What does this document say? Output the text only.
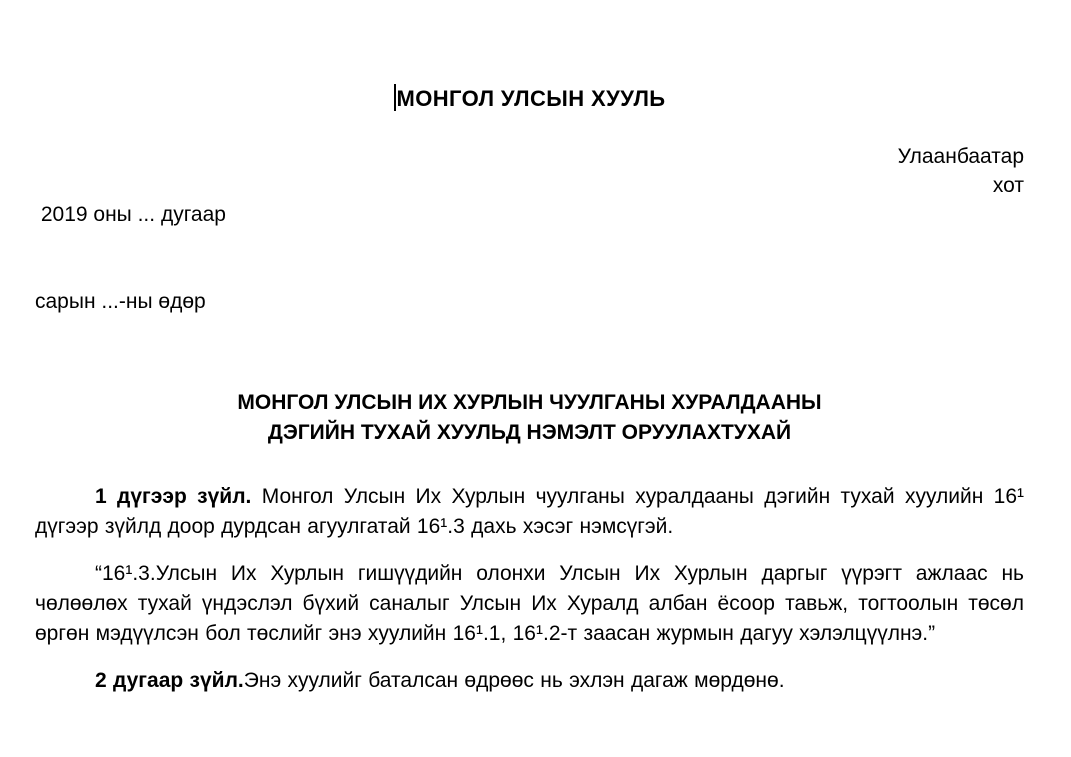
МОНГОЛ УЛСЫН ХУУЛЬ

2019 оны ... дугаар

сарын ...-ны өдөр

Улаанбаатар
хот
МОНГОЛ УЛСЫН ИХ ХУРЛЫН ЧУУЛГАНЫ ХУРАЛДААНЫ
ДЭГИЙН ТУХАЙ ХУУЛЬД НЭМЭЛТ ОРУУЛАХТУХАЙ

1 дүгээр зүйл. Монгол Улсын Их Хурлын чуулганы хуралдааны дэгийн тухай хуулийн 16¹ дүгээр зүйлд доор дурдсан агуулгатай 16¹.3 дахь хэсэг нэмсүгэй.

“16¹.3.Улсын Их Хурлын гишүүдийн олонхи Улсын Их Хурлын даргыг үүрэгт ажлаас нь чөлөөлөх тухай үндэслэл бүхий саналыг Улсын Их Хуралд албан ёсоор тавьж, тогтоолын төсөл өргөн мэдүүлсэн бол төслийг энэ хуулийн 16¹.1, 16¹.2-т заасан журмын дагуу хэлэлцүүлнэ.”

2 дугаар зүйл.Энэ хуулийг баталсан өдрөөс нь эхлэн дагаж мөрдөнө.
